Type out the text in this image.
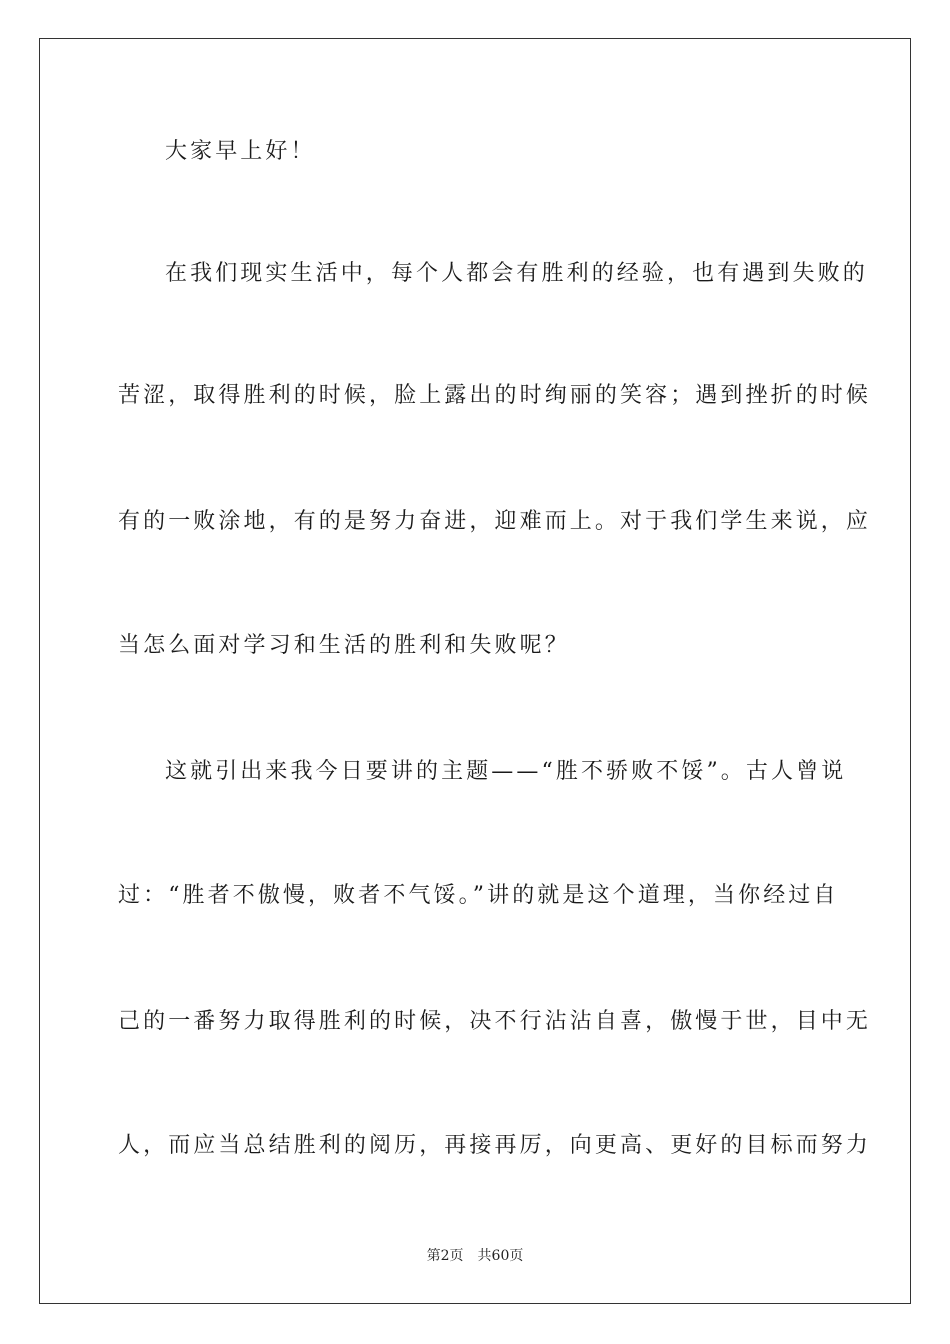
大家早上好！
在我们现实生活中，每个人都会有胜利的经验，也有遇到失败的
苦涩，取得胜利的时候，脸上露出的时绚丽的笑容；遇到挫折的时候
有的一败涂地，有的是努力奋进，迎难而上。对于我们学生来说，应
当怎么面对学习和生活的胜利和失败呢？
这就引出来我今日要讲的主题——“胜不骄败不馁”。古人曾说
过：“胜者不傲慢，败者不气馁。”讲的就是这个道理，当你经过自
己的一番努力取得胜利的时候，决不行沾沾自喜，傲慢于世，目中无
人，而应当总结胜利的阅历，再接再厉，向更高、更好的目标而努力
第2页 共60页
